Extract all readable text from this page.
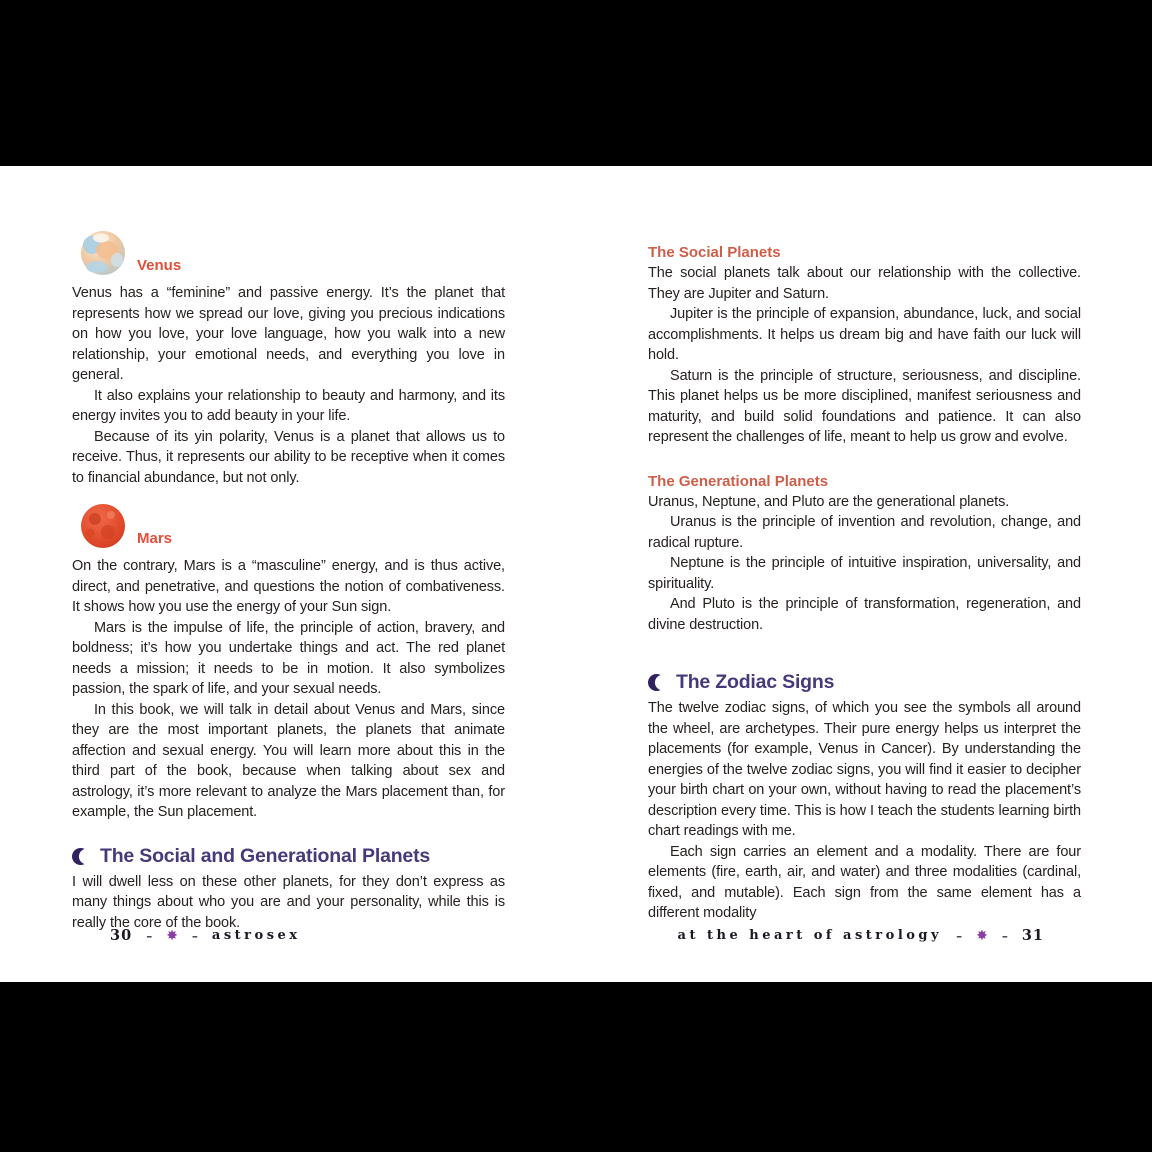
Venus

Venus has a “feminine” and passive energy. It’s the planet that represents how we spread our love, giving you precious indications on how you love, your love language, how you walk into a new relationship, your emotional needs, and everything you love in general.

It also explains your relationship to beauty and harmony, and its energy invites you to add beauty in your life.

Because of its yin polarity, Venus is a planet that allows us to receive. Thus, it represents our ability to be receptive when it comes to financial abundance, but not only.

Mars

On the contrary, Mars is a “masculine” energy, and is thus active, direct, and penetrative, and questions the notion of combativeness. It shows how you use the energy of your Sun sign.

Mars is the impulse of life, the principle of action, bravery, and boldness; it’s how you undertake things and act. The red planet needs a mission; it needs to be in motion. It also symbolizes passion, the spark of life, and your sexual needs.

In this book, we will talk in detail about Venus and Mars, since they are the most important planets, the planets that animate affection and sexual energy. You will learn more about this in the third part of the book, because when talking about sex and astrology, it’s more relevant to analyze the Mars placement than, for example, the Sun placement.

The Social and Generational Planets

I will dwell less on these other planets, for they don’t express as many things about who you are and your personality, while this is really the core of the book.

The Social Planets

The social planets talk about our relationship with the collective. They are Jupiter and Saturn.

Jupiter is the principle of expansion, abundance, luck, and social accomplishments. It helps us dream big and have faith our luck will hold.

Saturn is the principle of structure, seriousness, and discipline. This planet helps us be more disciplined, manifest seriousness and maturity, and build solid foundations and patience. It can also represent the challenges of life, meant to help us grow and evolve.

The Generational Planets

Uranus, Neptune, and Pluto are the generational planets.

Uranus is the principle of invention and revolution, change, and radical rupture.

Neptune is the principle of intuitive inspiration, universality, and spirituality.

And Pluto is the principle of transformation, regeneration, and divine destruction.

The Zodiac Signs

The twelve zodiac signs, of which you see the symbols all around the wheel, are archetypes. Their pure energy helps us interpret the placements (for example, Venus in Cancer). By understanding the energies of the twelve zodiac signs, you will find it easier to decipher your birth chart on your own, without having to read the placement’s description every time. This is how I teach the students learning birth chart readings with me.

Each sign carries an element and a modality. There are four elements (fire, earth, air, and water) and three modalities (cardinal, fixed, and mutable). Each sign from the same element has a different modality

30 – ✸ – astrosex	at the heart of astrology – ✸ – 31
